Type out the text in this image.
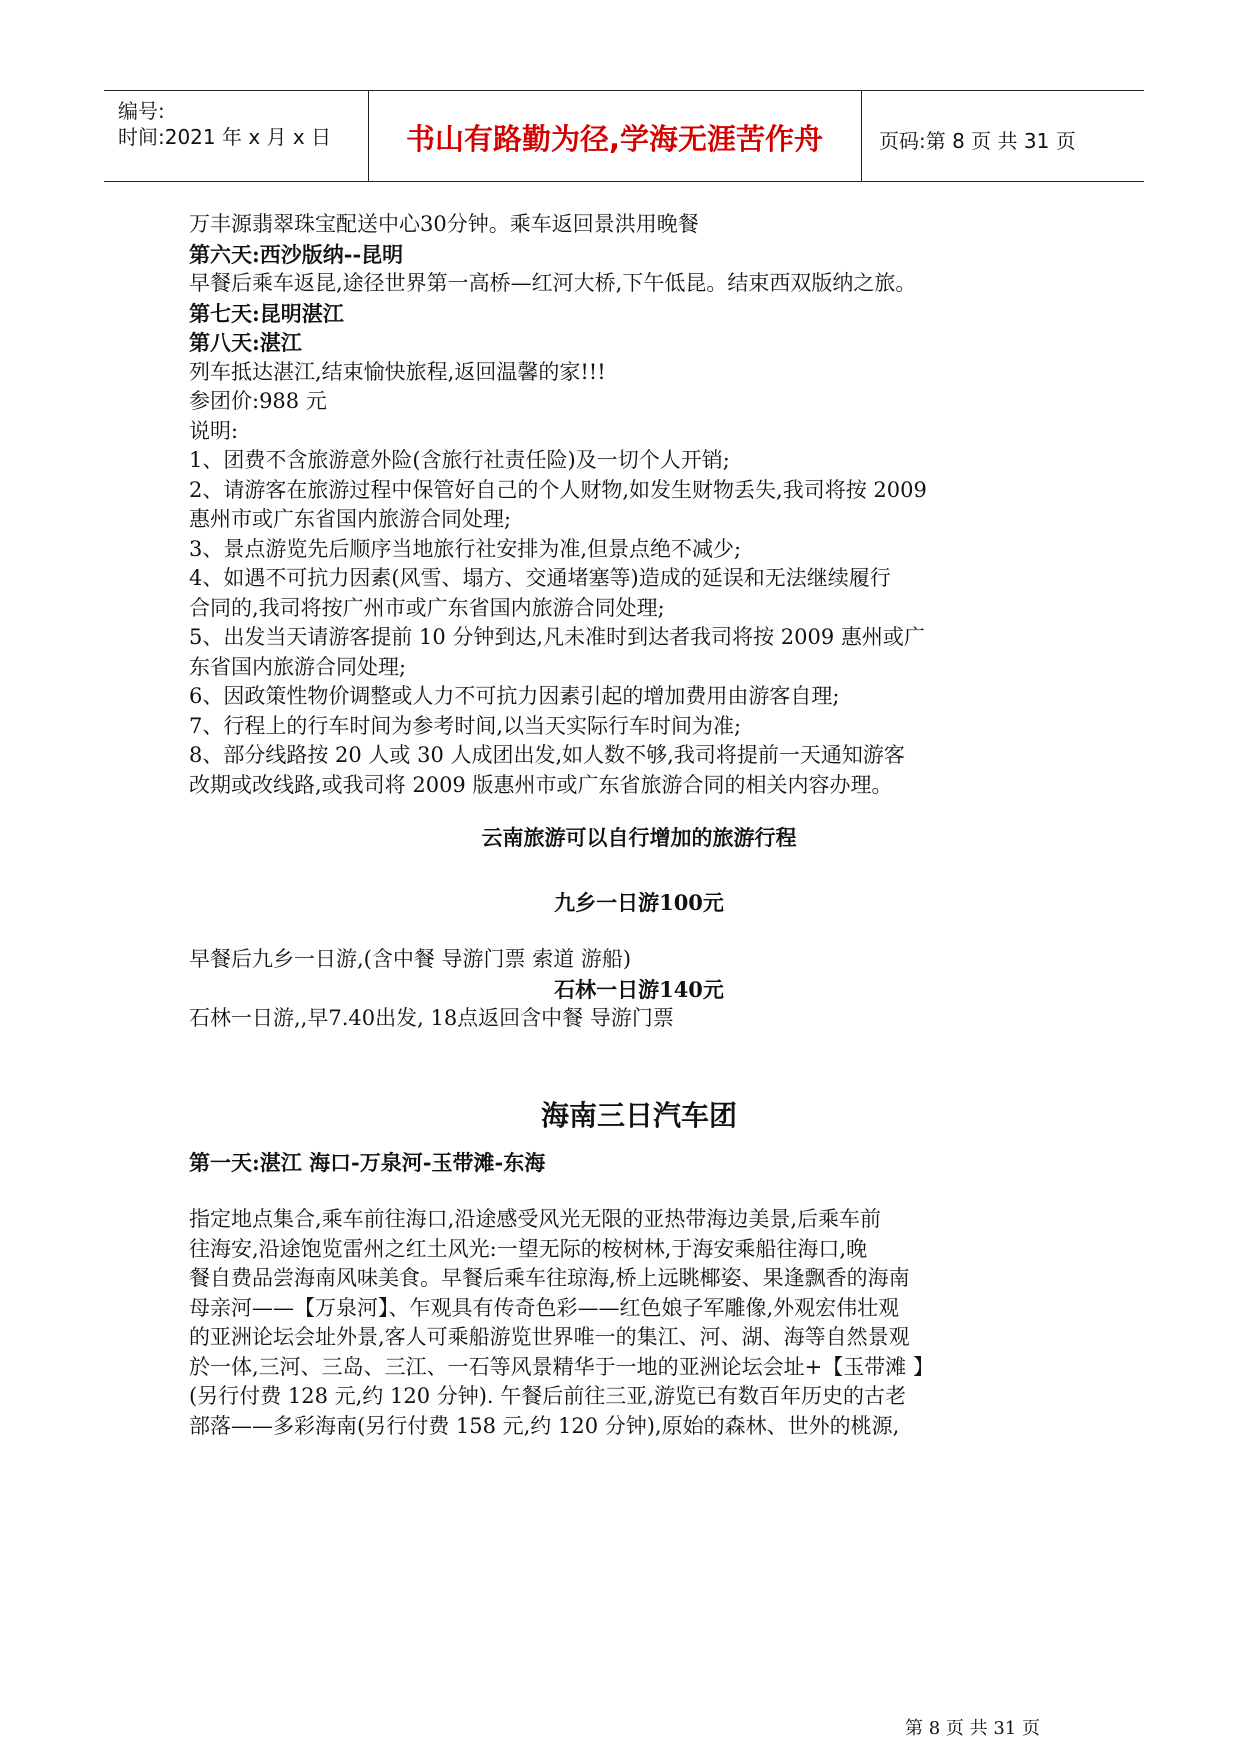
编号:
时间:2021 年 x 月 x 日	书山有路勤为径,学海无涯苦作舟	页码:第 8 页 共 31 页
万丰源翡翠珠宝配送中心30分钟。乘车返回景洪用晚餐
第六天:西沙版纳--昆明
早餐后乘车返昆,途径世界第一高桥—红河大桥,下午低昆。结束西双版纳之旅。
第七天:昆明湛江
第八天:湛江
列车抵达湛江,结束愉快旅程,返回温馨的家!!!
参团价:988 元
说明:
1、团费不含旅游意外险(含旅行社责任险)及一切个人开销;
2、请游客在旅游过程中保管好自己的个人财物,如发生财物丢失,我司将按 2009
惠州市或广东省国内旅游合同处理;
3、景点游览先后顺序当地旅行社安排为准,但景点绝不减少;
4、如遇不可抗力因素(风雪、塌方、交通堵塞等)造成的延误和无法继续履行
合同的,我司将按广州市或广东省国内旅游合同处理;
5、出发当天请游客提前 10 分钟到达,凡未准时到达者我司将按 2009 惠州或广
东省国内旅游合同处理;
6、因政策性物价调整或人力不可抗力因素引起的增加费用由游客自理;
7、行程上的行车时间为参考时间,以当天实际行车时间为准;
8、部分线路按 20 人或 30 人成团出发,如人数不够,我司将提前一天通知游客
改期或改线路,或我司将 2009 版惠州市或广东省旅游合同的相关内容办理。
云南旅游可以自行增加的旅游行程
九乡一日游100元
早餐后九乡一日游,(含中餐 导游门票 索道 游船)
石林一日游140元
石林一日游,,早7.40出发, 18点返回含中餐 导游门票
海南三日汽车团
第一天:湛江 海口-万泉河-玉带滩-东海
指定地点集合,乘车前往海口,沿途感受风光无限的亚热带海边美景,后乘车前
往海安,沿途饱览雷州之红土风光:一望无际的桉树林,于海安乘船往海口,晚
餐自费品尝海南风味美食。早餐后乘车往琼海,桥上远眺椰姿、果逢飘香的海南
母亲河——【万泉河】、乍观具有传奇色彩——红色娘子军雕像,外观宏伟壮观
的亚洲论坛会址外景,客人可乘船游览世界唯一的集江、河、湖、海等自然景观
於一体,三河、三岛、三江、一石等风景精华于一地的亚洲论坛会址+【玉带滩 】
(另行付费 128 元,约 120 分钟). 午餐后前往三亚,游览已有数百年历史的古老
部落——多彩海南(另行付费 158 元,约 120 分钟),原始的森林、世外的桃源,
第 8 页 共 31 页
